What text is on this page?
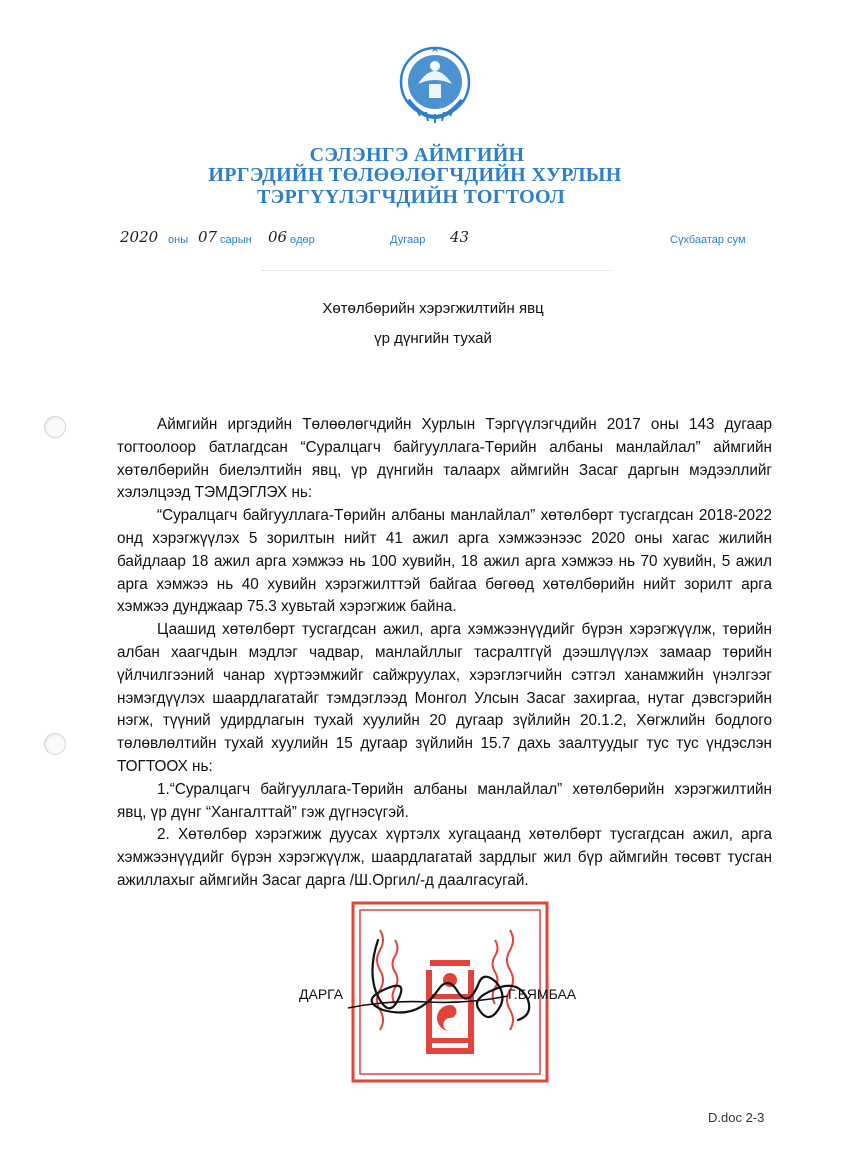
СЭЛЭНГЭ АЙМГИЙН
ИРГЭДИЙН ТӨЛӨӨЛӨГЧДИЙН ХУРЛЫН
ТЭРГҮҮЛЭГЧДИЙН ТОГТООЛ
2020 оны 07 сарын 06 өдөр	Дугаар 43	Сүхбаатар сум
Хөтөлбөрийн хэрэгжилтийн явц
үр дүнгийн тухай

Аймгийн иргэдийн Төлөөлөгчдийн Хурлын Тэргүүлэгчдийн 2017 оны 143 дугаар тогтоолоор батлагдсан “Суралцагч байгууллага-Төрийн албаны манлайлал” аймгийн хөтөлбөрийн биелэлтийн явц, үр дүнгийн талаарх аймгийн Засаг даргын мэдээллийг хэлэлцээд ТЭМДЭГЛЭХ нь:

“Суралцагч байгууллага-Төрийн албаны манлайлал” хөтөлбөрт тусгагдсан 2018-2022 онд хэрэгжүүлэх 5 зорилтын нийт 41 ажил арга хэмжээнээс 2020 оны хагас жилийн байдлаар 18 ажил арга хэмжээ нь 100 хувийн, 18 ажил арга хэмжээ нь 70 хувийн, 5 ажил арга хэмжээ нь 40 хувийн хэрэгжилттэй байгаа бөгөөд хөтөлбөрийн нийт зорилт арга хэмжээ дунджаар 75.3 хувьтай хэрэгжиж байна.

Цаашид хөтөлбөрт тусгагдсан ажил, арга хэмжээнүүдийг бүрэн хэрэгжүүлж, төрийн албан хаагчдын мэдлэг чадвар, манлайллыг тасралтгүй дээшлүүлэх замаар төрийн үйлчилгээний чанар хүртээмжийг сайжруулах, хэрэглэгчийн сэтгэл ханамжийн үнэлгээг нэмэгдүүлэх шаардлагатайг тэмдэглээд Монгол Улсын Засаг захиргаа, нутаг дэвсгэрийн нэгж, түүний удирдлагын тухай хуулийн 20 дугаар зүйлийн 20.1.2, Хөгжлийн бодлого төлөвлөлтийн тухай хуулийн 15 дугаар зүйлийн 15.7 дахь заалтуудыг тус тус үндэслэн ТОГТООХ нь:

1.“Суралцагч байгууллага-Төрийн албаны манлайлал” хөтөлбөрийн хэрэгжилтийн явц, үр дүнг “Хангалттай” гэж дүгнэсүгэй.

2. Хөтөлбөр хэрэгжиж дуусах хүртэлх хугацаанд хөтөлбөрт тусгагдсан ажил, арга хэмжээнүүдийг бүрэн хэрэгжүүлж, шаардлагатай зардлыг жил бүр аймгийн төсөвт тусган ажиллахыг аймгийн Засаг дарга /Ш.Оргил/-д даалгасугай.

ДАРГА	Г.БЯМБАА
D.doc 2-3
